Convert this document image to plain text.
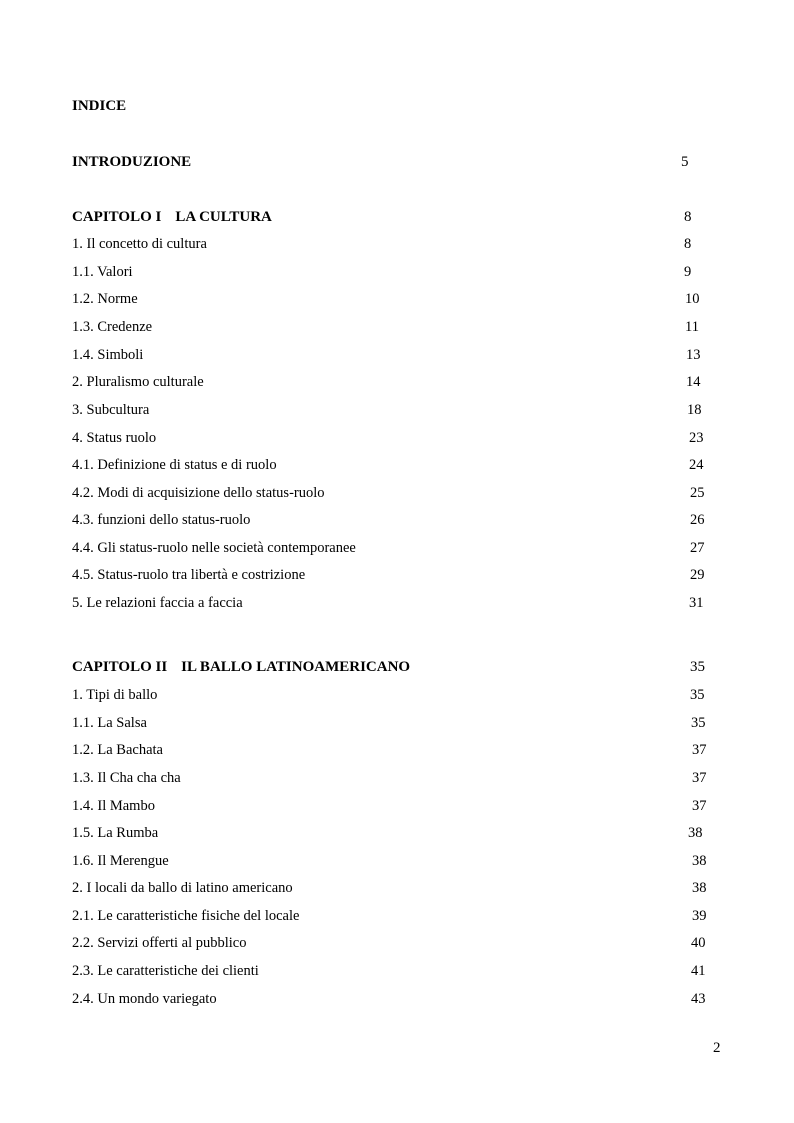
INDICE
INTRODUZIONE	5
CAPITOLO I LA CULTURA	8
1. Il concetto di cultura	8
1.1. Valori	9
1.2. Norme	10
1.3. Credenze	11
1.4. Simboli	13
2. Pluralismo culturale	14
3. Subcultura	18
4. Status ruolo	23
4.1. Definizione di status e di ruolo	24
4.2. Modi di acquisizione dello status-ruolo	25
4.3. funzioni dello status-ruolo	26
4.4. Gli status-ruolo nelle società contemporanee	27
4.5. Status-ruolo tra libertà e costrizione	29
5. Le relazioni faccia a faccia	31
CAPITOLO II IL BALLO LATINOAMERICANO	35
1. Tipi di ballo	35
1.1. La Salsa	35
1.2. La Bachata	37
1.3. Il Cha cha cha	37
1.4. Il Mambo	37
1.5. La Rumba	38
1.6. Il Merengue	38
2. I locali da ballo di latino americano	38
2.1. Le caratteristiche fisiche del locale	39
2.2. Servizi offerti al pubblico	40
2.3. Le caratteristiche dei clienti	41
2.4. Un mondo variegato	43
2
